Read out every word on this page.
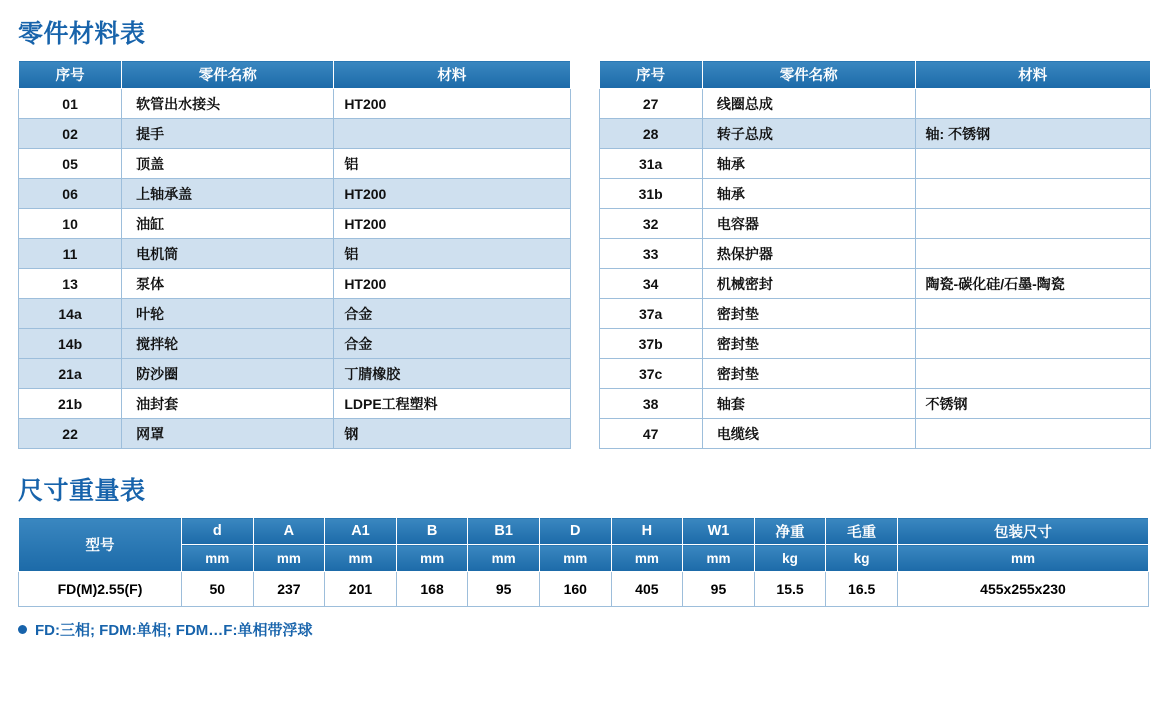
零件材料表
序号	零件名称	材料
01	软管出水接头	HT200
02	提手	
05	顶盖	铝
06	上轴承盖	HT200
10	油缸	HT200
11	电机筒	铝
13	泵体	HT200
14a	叶轮	合金
14b	搅拌轮	合金
21a	防沙圈	丁腈橡胶
21b	油封套	LDPE工程塑料
22	网罩	钢
序号	零件名称	材料
27	线圈总成	
28	转子总成	轴: 不锈钢
31a	轴承	
31b	轴承	
32	电容器	
33	热保护器	
34	机械密封	陶瓷-碳化硅/石墨-陶瓷
37a	密封垫	
37b	密封垫	
37c	密封垫	
38	轴套	不锈钢
47	电缆线	
尺寸重量表
型号	d	A	A1	B	B1	D	H	W1	净重	毛重	包装尺寸
	mm	mm	mm	mm	mm	mm	mm	mm	kg	kg	mm
FD(M)2.55(F)	50	237	201	168	95	160	405	95	15.5	16.5	455x255x230
FD:三相; FDM:单相; FDM…F:单相带浮球
